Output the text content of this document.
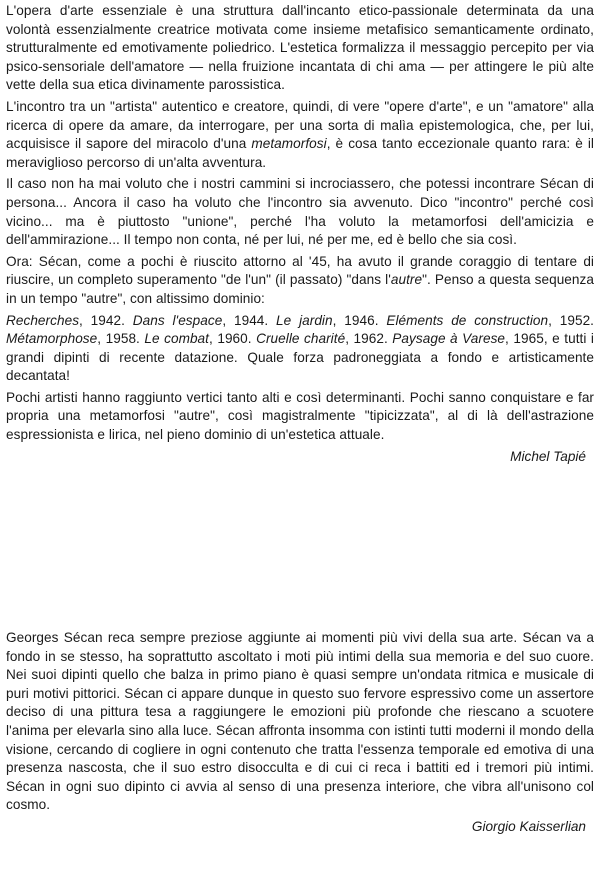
L'opera d'arte essenziale è una struttura dall'incanto etico-passionale determinata da una volontà essenzialmente creatrice motivata come insieme metafisico semanticamente ordinato, strutturalmente ed emotivamente poliedrico. L'estetica formalizza il messaggio percepito per via psico-sensoriale dell'amatore — nella fruizione incantata di chi ama — per attingere le più alte vette della sua etica divinamente parossistica.

L'incontro tra un "artista" autentico e creatore, quindi, di vere "opere d'arte", e un "amatore" alla ricerca di opere da amare, da interrogare, per una sorta di malìa epistemologica, che, per lui, acquisisce il sapore del miracolo d'una metamorfosi, è cosa tanto eccezionale quanto rara: è il meraviglioso percorso di un'alta avventura.

Il caso non ha mai voluto che i nostri cammini si incrociassero, che potessi incontrare Sécan di persona... Ancora il caso ha voluto che l'incontro sia avvenuto. Dico "incontro" perché così vicino... ma è piuttosto "unione", perché l'ha voluto la metamorfosi dell'amicizia e dell'ammirazione... Il tempo non conta, né per lui, né per me, ed è bello che sia così.

Ora: Sécan, come a pochi è riuscito attorno al '45, ha avuto il grande coraggio di tentare di riuscire, un completo superamento "de l'un" (il passato) "dans l'autre". Penso a questa sequenza in un tempo "autre", con altissimo dominio:

Recherches, 1942. Dans l'espace, 1944. Le jardin, 1946. Eléments de construction, 1952. Métamorphose, 1958. Le combat, 1960. Cruelle charité, 1962. Paysage à Varese, 1965, e tutti i grandi dipinti di recente datazione. Quale forza padroneggiata a fondo e artisticamente decantata!

Pochi artisti hanno raggiunto vertici tanto alti e così determinanti. Pochi sanno conquistare e far propria una metamorfosi "autre", così magistralmente "tipicizzata", al di là dell'astrazione espressionista e lirica, nel pieno dominio di un'estetica attuale.

Michel Tapié

Georges Sécan reca sempre preziose aggiunte ai momenti più vivi della sua arte. Sécan va a fondo in se stesso, ha soprattutto ascoltato i moti più intimi della sua memoria e del suo cuore. Nei suoi dipinti quello che balza in primo piano è quasi sempre un'ondata ritmica e musicale di puri motivi pittorici. Sécan ci appare dunque in questo suo fervore espressivo come un assertore deciso di una pittura tesa a raggiungere le emozioni più profonde che riescano a scuotere l'anima per elevarla sino alla luce. Sécan affronta insomma con istinti tutti moderni il mondo della visione, cercando di cogliere in ogni contenuto che tratta l'essenza temporale ed emotiva di una presenza nascosta, che il suo estro disocculta e di cui ci reca i battiti ed i tremori più intimi. Sécan in ogni suo dipinto ci avvia al senso di una presenza interiore, che vibra all'unisono col cosmo.

Giorgio Kaisserlian
